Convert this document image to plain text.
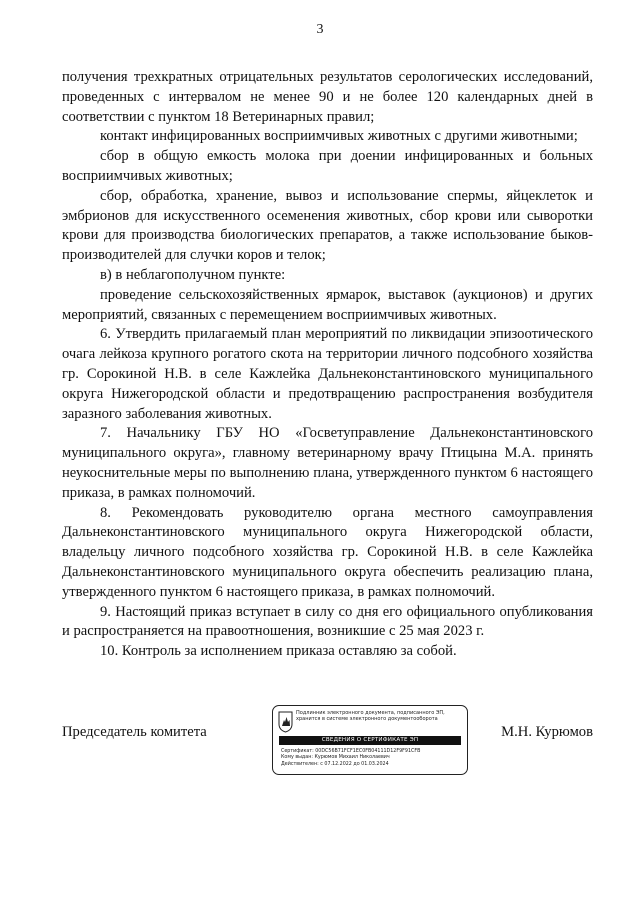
3

получения трехкратных отрицательных результатов серологических исследований, проведенных с интервалом не менее 90 и не более 120 календарных дней в соответствии с пунктом 18 Ветеринарных правил;

контакт инфицированных восприимчивых животных с другими животными;

сбор в общую емкость молока при доении инфицированных и больных восприимчивых животных;

сбор, обработка, хранение, вывоз и использование спермы, яйцеклеток и эмбрионов для искусственного осеменения животных, сбор крови или сыворотки крови для производства биологических препаратов, а также использование быков-производителей для случки коров и телок;

в) в неблагополучном пункте:

проведение сельскохозяйственных ярмарок, выставок (аукционов) и других мероприятий, связанных с перемещением восприимчивых животных.

6. Утвердить прилагаемый план мероприятий по ликвидации эпизоотического очага лейкоза крупного рогатого скота на территории личного подсобного хозяйства гр. Сорокиной Н.В. в селе Кажлейка Дальнеконстантиновского муниципального округа Нижегородской области и предотвращению распространения возбудителя заразного заболевания животных.

7. Начальнику ГБУ НО «Госветуправление Дальнеконстантиновского муниципального округа», главному ветеринарному врачу Птицына М.А. принять неукоснительные меры по выполнению плана, утвержденного пунктом 6 настоящего приказа, в рамках полномочий.

8. Рекомендовать руководителю органа местного самоуправления Дальнеконстантиновского муниципального округа Нижегородской области, владельцу личного подсобного хозяйства гр. Сорокиной Н.В. в селе Кажлейка Дальнеконстантиновского муниципального округа обеспечить реализацию плана, утвержденного пунктом 6 настоящего приказа, в рамках полномочий.

9. Настоящий приказ вступает в силу со дня его официального опубликования и распространяется на правоотношения, возникшие с 25 мая 2023 г.

10. Контроль за исполнением приказа оставляю за собой.

Председатель комитета
Подлинник электронного документа, подписанного ЭП,
хранится в системе электронного документооборота
СВЕДЕНИЯ О СЕРТИФИКАТЕ ЭП
Сертификат: 00DC56B71FCF1EC0FB04111D12F9F91CFB
Кому выдан: Курюмов Михаил Николаевич
Действителен: с 07.12.2022 до 01.03.2024
М.Н. Курюмов
